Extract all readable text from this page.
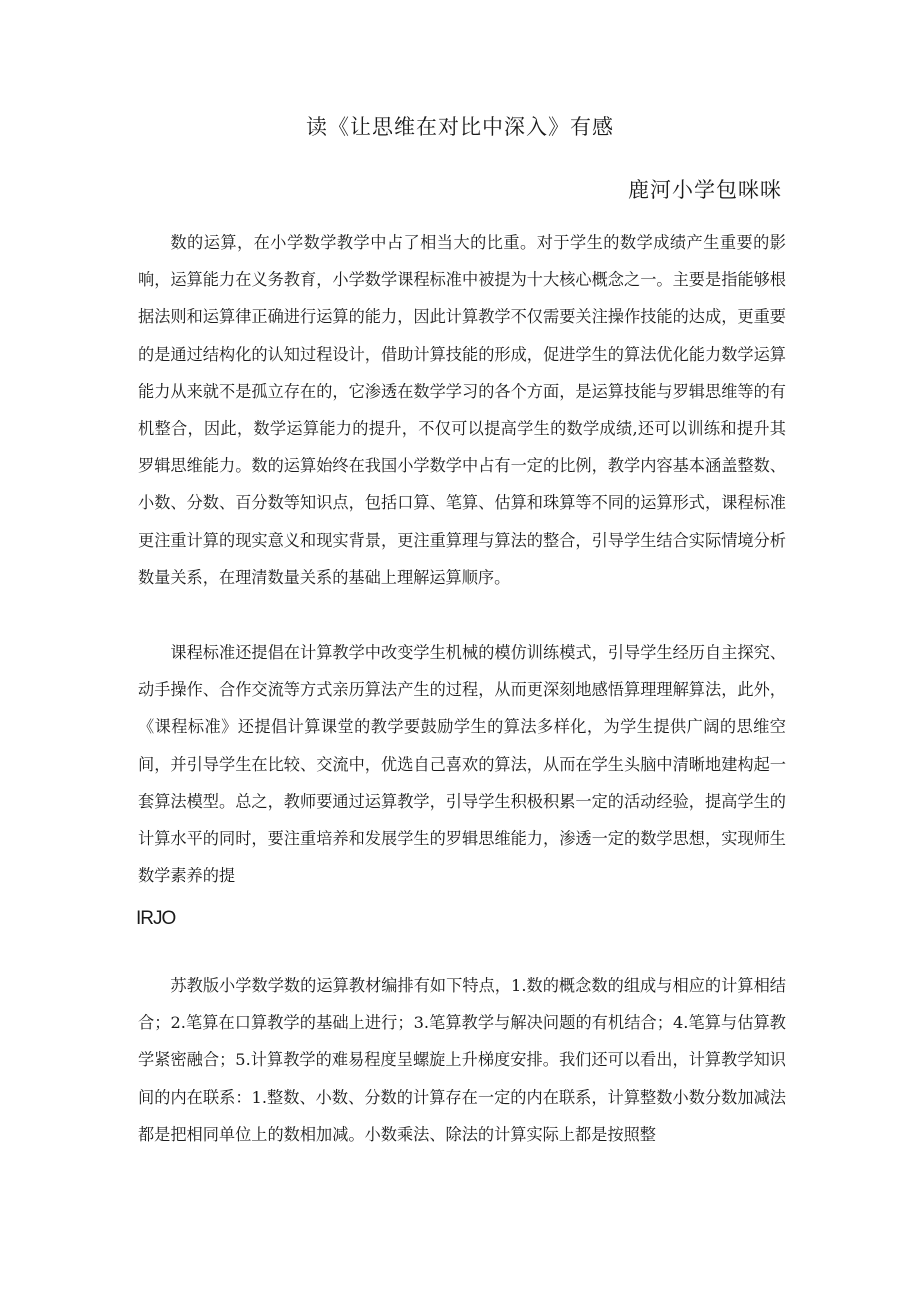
读《让思维在对比中深入》有感
鹿河小学包咪咪

数的运算，在小学数学教学中占了相当大的比重。对于学生的数学成绩产生重要的影响，运算能力在义务教育，小学数学课程标准中被提为十大核心概念之一。主要是指能够根据法则和运算律正确进行运算的能力，因此计算教学不仅需要关注操作技能的达成，更重要的是通过结构化的认知过程设计，借助计算技能的形成，促进学生的算法优化能力数学运算能力从来就不是孤立存在的，它渗透在数学学习的各个方面，是运算技能与罗辑思维等的有机整合，因此，数学运算能力的提升，不仅可以提高学生的数学成绩,还可以训练和提升其罗辑思维能力。数的运算始终在我国小学数学中占有一定的比例，教学内容基本涵盖整数、小数、分数、百分数等知识点，包括口算、笔算、估算和珠算等不同的运算形式，课程标准更注重计算的现实意义和现实背景，更注重算理与算法的整合，引导学生结合实际情境分析数量关系，在理清数量关系的基础上理解运算顺序。

课程标准还提倡在计算教学中改变学生机械的模仿训练模式，引导学生经历自主探究、动手操作、合作交流等方式亲历算法产生的过程，从而更深刻地感悟算理理解算法，此外，《课程标准》还提倡计算课堂的教学要鼓励学生的算法多样化，为学生提供广阔的思维空间，并引导学生在比较、交流中，优选自己喜欢的算法，从而在学生头脑中清晰地建构起一套算法模型。总之，教师要通过运算教学，引导学生积极积累一定的活动经验，提高学生的计算水平的同时，要注重培养和发展学生的罗辑思维能力，渗透一定的数学思想，实现师生数学素养的提

IRJO

苏教版小学数学数的运算教材编排有如下特点，1.数的概念数的组成与相应的计算相结合；2.笔算在口算教学的基础上进行；3.笔算教学与解决问题的有机结合；4.笔算与估算教学紧密融合；5.计算教学的难易程度呈螺旋上升梯度安排。我们还可以看出，计算教学知识间的内在联系：1.整数、小数、分数的计算存在一定的内在联系，计算整数小数分数加减法都是把相同单位上的数相加减。小数乘法、除法的计算实际上都是按照整
